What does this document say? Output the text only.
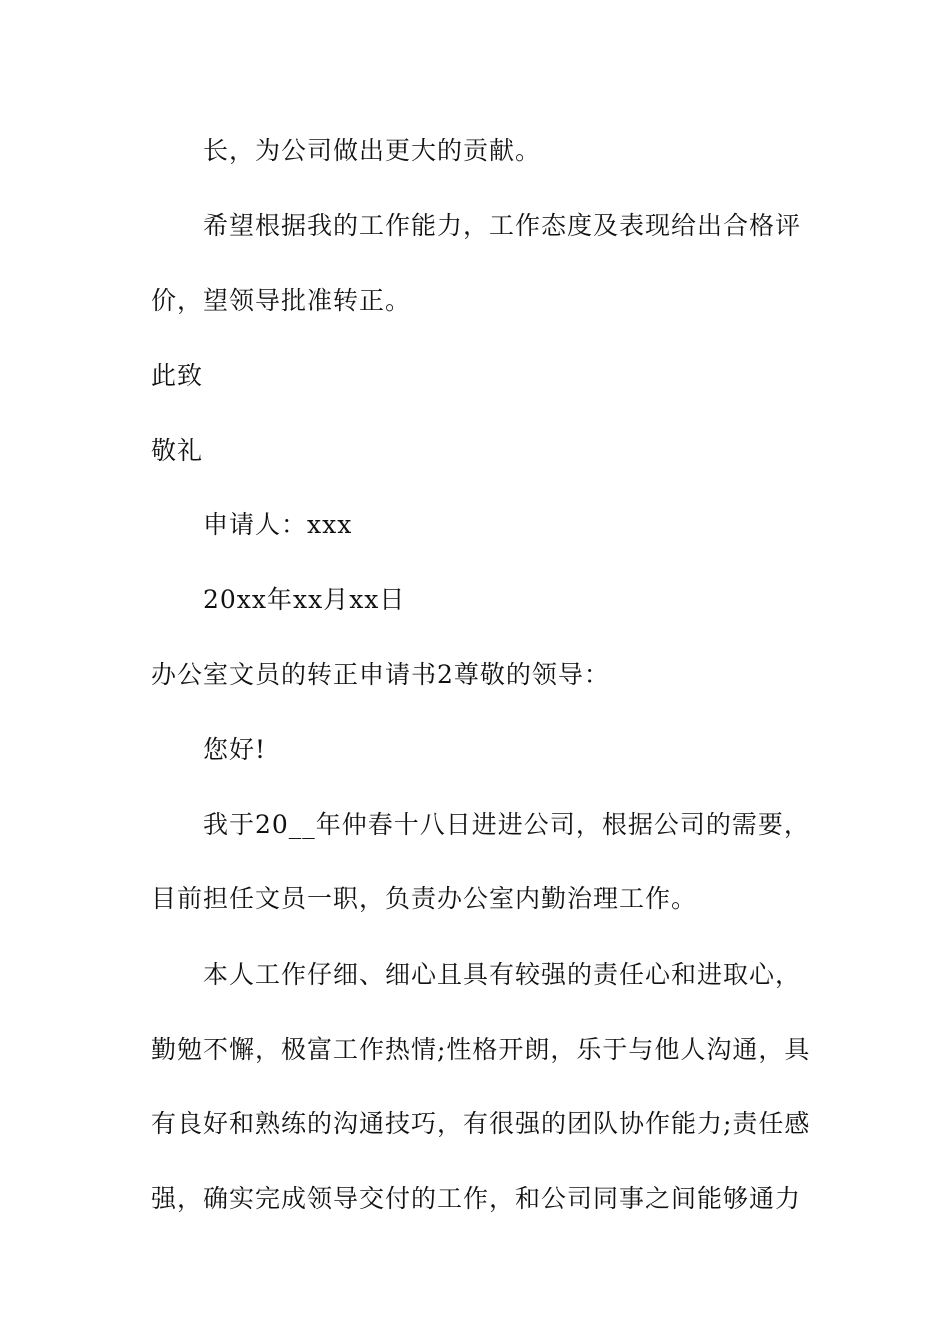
长，为公司做出更大的贡献。
希望根据我的工作能力，工作态度及表现给出合格评
价，望领导批准转正。
此致
敬礼
申请人：xxx
20xx年xx月xx日
办公室文员的转正申请书2尊敬的领导：
您好!
我于20__年仲春十八日进进公司，根据公司的需要，
目前担任文员一职，负责办公室内勤治理工作。
本人工作仔细、细心且具有较强的责任心和进取心，
勤勉不懈，极富工作热情;性格开朗，乐于与他人沟通，具
有良好和熟练的沟通技巧，有很强的团队协作能力;责任感
强，确实完成领导交付的工作，和公司同事之间能够通力
